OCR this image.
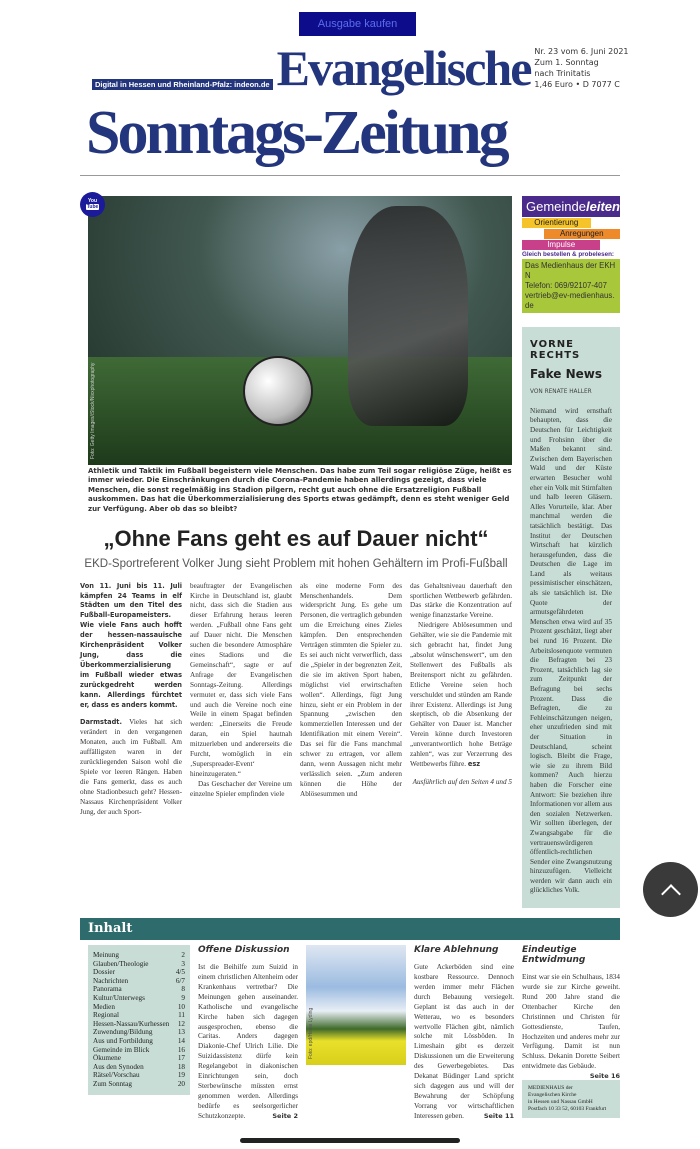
Ausgabe kaufen
Digital in Hessen und Rheinland-Pfalz: indeon.de Evangelische Nr. 23 vom 6. Juni 2021
Zum 1. Sonntag
nach Trinitatis
1,46 Euro • D 7077 C
Sonntags-Zeitung
You
Tube
Foto: Getty Images/iStock/Nixxphotography
Athletik und Taktik im Fußball begeistern viele Menschen. Das habe zum Teil sogar religiöse Züge, heißt es immer wieder. Die Einschränkungen durch die Corona-Pandemie haben allerdings gezeigt, dass viele Menschen, die sonst regelmäßig ins Stadion pilgern, recht gut auch ohne die Ersatzreligion Fußball auskommen. Das hat die Überkommerzialisierung des Sports etwas gedämpft, denn es steht weniger Geld zur Verfügung. Aber ob das so bleibt?
„Ohne Fans geht es auf Dauer nicht“
EKD-Sportreferent Volker Jung sieht Problem mit hohen Gehältern im Profi-Fußball
Von 11. Juni bis 11. Juli kämpfen 24 Teams in elf Städten um den Titel des Fußball-Europameisters. Wie viele Fans auch hofft der hessen-nassauische Kirchenpräsident Volker Jung, dass die Überkommerzialisierung im Fußball wieder etwas zurückgedreht werden kann. Allerdings fürchtet er, dass es anders kommt.

Darmstadt. Vieles hat sich verändert in den vergangenen Monaten, auch im Fußball. Am auffälligsten waren in der zurückliegenden Saison wohl die Spiele vor leeren Rängen. Haben die Fans gemerkt, dass es auch ohne Stadionbesuch geht? Hessen-Nassaus Kirchenpräsident Volker Jung, der auch Sport-

beauftragter der Evangelischen Kirche in Deutschland ist, glaubt nicht, dass sich die Stadien aus dieser Erfahrung heraus leeren werden. „Fußball ohne Fans geht auf Dauer nicht. Die Menschen suchen die besondere Atmosphäre eines Stadions und die Gemeinschaft“, sagte er auf Anfrage der Evangelischen Sonntags-Zeitung. Allerdings vermutet er, dass sich viele Fans und auch die Vereine noch eine Weile in einem Spagat befinden werden: „Einerseits die Freude daran, ein Spiel hautnah mitzuerleben und andererseits die Furcht, womöglich in ein ‚Superspreader-Event‘ hineinzugeraten.“

Das Geschacher der Vereine um einzelne Spieler empfinden viele

als eine moderne Form des Menschenhandels. Dem widerspricht Jung. Es gehe um Personen, die vertraglich gebunden um die Erreichung eines Zieles kämpfen. Den entsprechenden Verträgen stimmten die Spieler zu. Es sei auch nicht verwerflich, dass die „Spieler in der begrenzten Zeit, die sie im aktiven Sport haben, möglichst viel erwirtschaften wollen“. Allerdings, fügt Jung hinzu, sieht er ein Problem in der Spannung „zwischen den kommerziellen Interessen und der Identifikation mit einem Verein“. Das sei für die Fans manchmal schwer zu ertragen, vor allem dann, wenn Aussagen nicht mehr verlässlich seien. „Zum anderen können die Höhe der Ablösesummen und

das Gehaltsniveau dauerhaft den sportlichen Wettbewerb gefährden. Das stärke die Konzentration auf wenige finanzstarke Vereine.

Niedrigere Ablösesummen und Gehälter, wie sie die Pandemie mit sich gebracht hat, findet Jung „absolut wünschenswert“, um den Stellenwert des Fußballs als Breitensport nicht zu gefährden. Etliche Vereine seien hoch verschuldet und stünden am Rande ihrer Existenz. Allerdings ist Jung skeptisch, ob die Absenkung der Gehälter von Dauer ist. Mancher Verein könne durch Investoren „unverantwortlich hohe Beträge zahlen“, was zur Verzerrung des Wettbewerbs führe. esz

Ausführlich auf den Seiten 4 und 5

Gemeindeleiten
Orientierung
Anregungen
Impulse
Gleich bestellen & probelesen:
Das Medienhaus der EKHN
Telefon: 069/92107-407
vertrieb@ev-medienhaus.de
VORNE RECHTS
Fake News
VON RENATE HALLER

Niemand wird ernsthaft behaupten, dass die Deutschen für Leichtigkeit und Frohsinn über die Maßen bekannt sind. Zwischen dem Bayerischen Wald und der Küste erwarten Besucher wohl eher ein Volk mit Stirnfalten und halb leeren Gläsern. Alles Vorurteile, klar. Aber manchmal werden die tatsächlich bestätigt. Das Institut der Deutschen Wirtschaft hat kürzlich herausgefunden, dass die Deutschen die Lage im Land als weitaus pessimistischer einschätzen, als sie tatsächlich ist. Die Quote der armutsgefährdeten Menschen etwa wird auf 35 Prozent geschätzt, liegt aber bei rund 16 Prozent. Die Arbeitslosenquote vermuten die Befragten bei 23 Prozent, tatsächlich lag sie zum Zeitpunkt der Befragung bei sechs Prozent. Dass die Befragten, die zu Fehleinschätzungen neigen, eher unzufrieden sind mit der Situation in Deutschland, scheint logisch. Bleibt die Frage, wie sie zu ihrem Bild kommen? Auch hierzu haben die Forscher eine Antwort: Sie beziehen ihre Informationen vor allem aus den sozialen Netzwerken. Wir sollten überlegen, der Zwangsabgabe für die vertrauenswürdigeren öffentlich-rechtlichen Sender eine Zwangsnutzung hinzuzufügen. Vielleicht werden wir dann auch ein glückliches Volk.

Inhalt
Meinung	2
Glauben/Theologie	3
Dossier	4/5
Nachrichten	6/7
Panorama	8
Kultur/Unterwegs	9
Medien	10
Regional	11
Hessen-Nassau/Kurhessen 12
Zuwendung/Bildung	13
Aus und Fortbildung	14
Gemeinde im Blick	16
Ökumene	17
Aus den Synoden	18
Rätsel/Vorschau	19
Zum Sonntag	20
Offene Diskussion
Ist die Beihilfe zum Suizid in einem christlichen Altenheim oder Krankenhaus vertretbar? Die Meinungen gehen auseinander. Katholische und evangelische Kirche haben sich dagegen ausgesprochen, ebenso die Caritas. Anders dagegen Diakonie-Chef Ulrich Lilie. Die Suizidassistenz dürfe kein Regelangebot in diakonischen Einrichtungen sein, doch Sterbewünsche müssten ernst genommen werden. Allerdings bedürfe es seelsorgerlicher Schutzkonzepte.	Seite 2
Foto: epd/Heike Lyding
Klare Ablehnung
Gute Ackerböden sind eine kostbare Ressource. Dennoch werden immer mehr Flächen durch Bebauung versiegelt. Geplant ist das auch in der Wetterau, wo es besonders wertvolle Flächen gibt, nämlich solche mit Lössböden. In Limeshain gibt es derzeit Diskussionen um die Erweiterung des Gewerbegebietes. Das Dekanat Büdinger Land spricht sich dagegen aus und will der Bewahrung der Schöpfung Vorrang vor wirtschaftlichen Interessen geben.	Seite 11
Eindeutige Entwidmung
Einst war sie ein Schulhaus, 1834 wurde sie zur Kirche geweiht. Rund 200 Jahre stand die Ottenbacher Kirche den Christinnen und Christen für Gottesdienste, Taufen, Hochzeiten und anderes mehr zur Verfügung. Damit ist nun Schluss. Dekanin Dorette Seibert entwidmete das Gebäude.
Seite 16
MEDIENHAUS der
Evangelischen Kirche
in Hessen und Nassau GmbH
Postfach 10 33 52, 60103 Frankfurt
